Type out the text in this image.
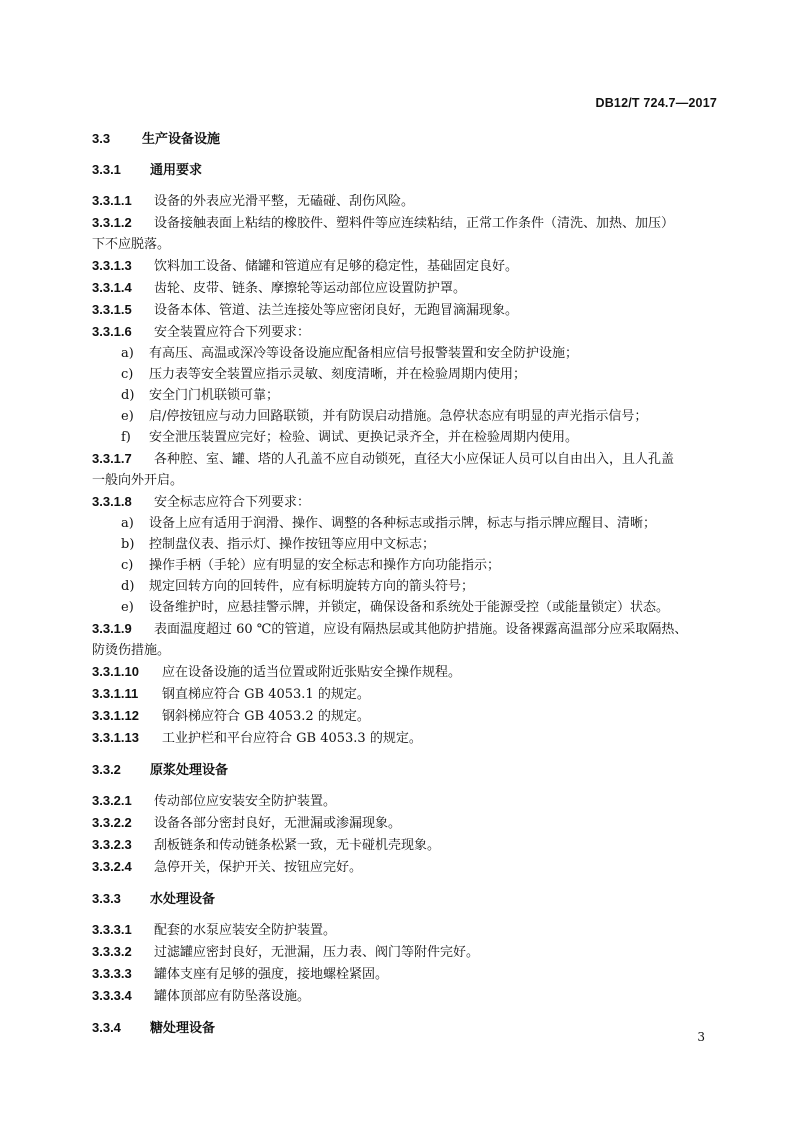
DB12/T 724.7—2017
3.3 生产设备设施
3.3.1 通用要求
3.3.1.1 设备的外表应光滑平整，无磕碰、刮伤风险。
3.3.1.2 设备接触表面上粘结的橡胶件、塑料件等应连续粘结，正常工作条件（清洗、加热、加压）
下不应脱落。
3.3.1.3 饮料加工设备、储罐和管道应有足够的稳定性，基础固定良好。
3.3.1.4 齿轮、皮带、链条、摩擦轮等运动部位应设置防护罩。
3.3.1.5 设备本体、管道、法兰连接处等应密闭良好，无跑冒滴漏现象。
3.3.1.6 安全装置应符合下列要求：
a) 有高压、高温或深冷等设备设施应配备相应信号报警装置和安全防护设施；
c) 压力表等安全装置应指示灵敏、刻度清晰，并在检验周期内使用；
d) 安全门门机联锁可靠；
e) 启/停按钮应与动力回路联锁，并有防误启动措施。急停状态应有明显的声光指示信号；
f) 安全泄压装置应完好；检验、调试、更换记录齐全，并在检验周期内使用。
3.3.1.7 各种腔、室、罐、塔的人孔盖不应自动锁死，直径大小应保证人员可以自由出入，且人孔盖
一般向外开启。
3.3.1.8 安全标志应符合下列要求：
a) 设备上应有适用于润滑、操作、调整的各种标志或指示牌，标志与指示牌应醒目、清晰；
b) 控制盘仪表、指示灯、操作按钮等应用中文标志；
c) 操作手柄（手轮）应有明显的安全标志和操作方向功能指示；
d) 规定回转方向的回转件，应有标明旋转方向的箭头符号；
e) 设备维护时，应悬挂警示牌，并锁定，确保设备和系统处于能源受控（或能量锁定）状态。
3.3.1.9 表面温度超过 60 ℃的管道，应设有隔热层或其他防护措施。设备裸露高温部分应采取隔热、
防烫伤措施。
3.3.1.10 应在设备设施的适当位置或附近张贴安全操作规程。
3.3.1.11 钢直梯应符合 GB 4053.1 的规定。
3.3.1.12 钢斜梯应符合 GB 4053.2 的规定。
3.3.1.13 工业护栏和平台应符合 GB 4053.3 的规定。
3.3.2 原浆处理设备
3.3.2.1 传动部位应安装安全防护装置。
3.3.2.2 设备各部分密封良好，无泄漏或渗漏现象。
3.3.2.3 刮板链条和传动链条松紧一致，无卡碰机壳现象。
3.3.2.4 急停开关，保护开关、按钮应完好。
3.3.3 水处理设备
3.3.3.1 配套的水泵应装安全防护装置。
3.3.3.2 过滤罐应密封良好，无泄漏，压力表、阀门等附件完好。
3.3.3.3 罐体支座有足够的强度，接地螺栓紧固。
3.3.3.4 罐体顶部应有防坠落设施。
3.3.4 糖处理设备
3
